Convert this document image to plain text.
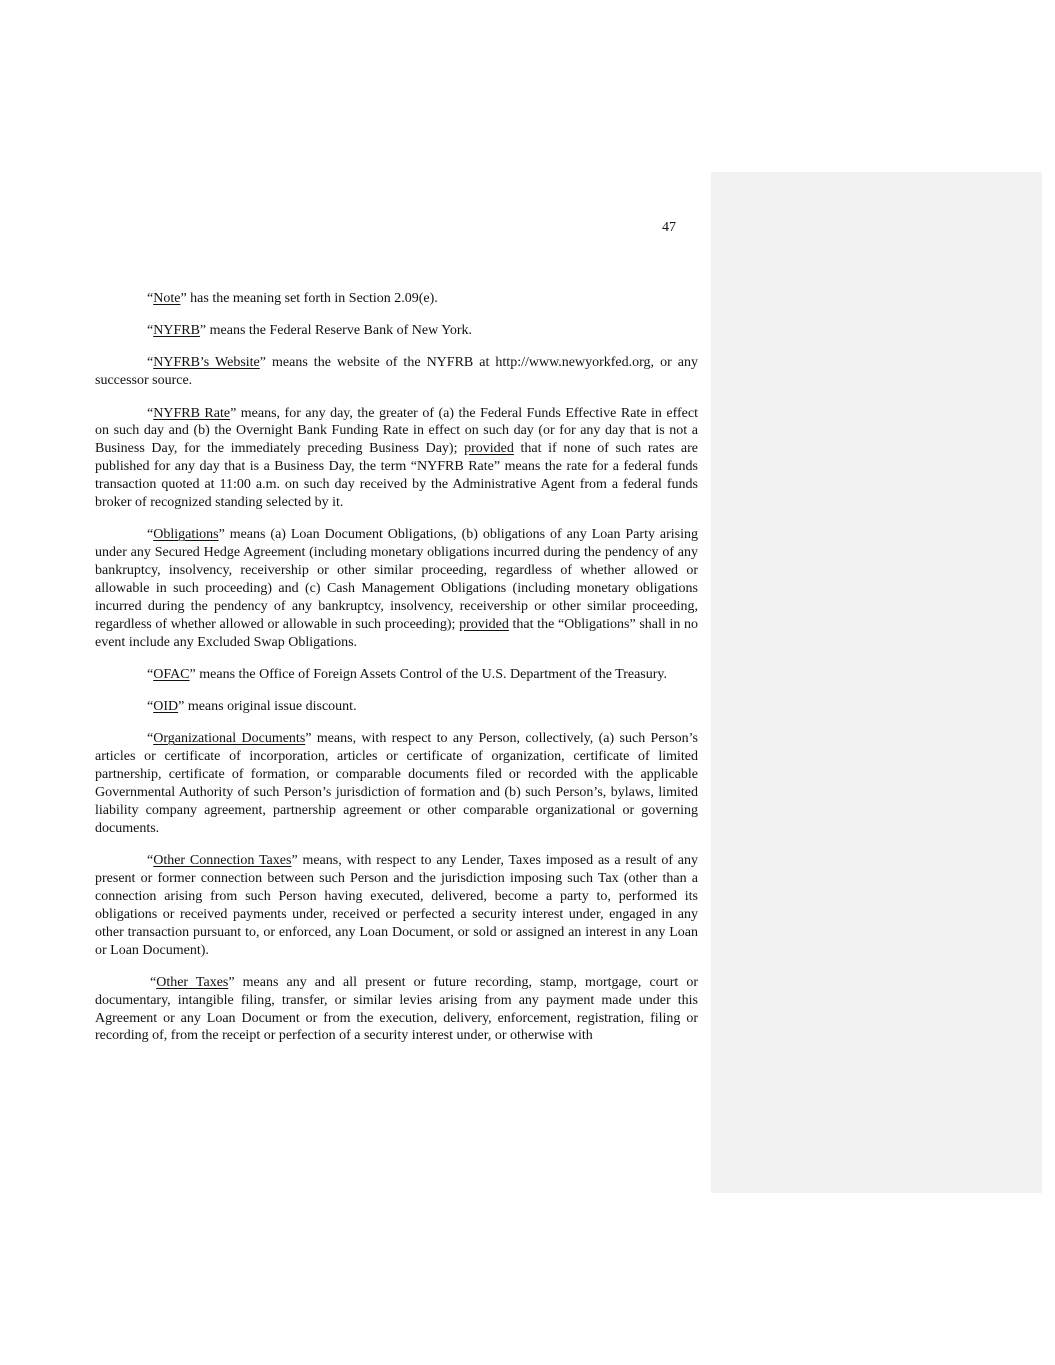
47

“Note” has the meaning set forth in Section 2.09(e).

“NYFRB” means the Federal Reserve Bank of New York.

“NYFRB’s Website” means the website of the NYFRB at http://www.newyorkfed.org, or any successor source.

“NYFRB Rate” means, for any day, the greater of (a) the Federal Funds Effective Rate in effect on such day and (b) the Overnight Bank Funding Rate in effect on such day (or for any day that is not a Business Day, for the immediately preceding Business Day); provided that if none of such rates are published for any day that is a Business Day, the term “NYFRB Rate” means the rate for a federal funds transaction quoted at 11:00 a.m. on such day received by the Administrative Agent from a federal funds broker of recognized standing selected by it.

“Obligations” means (a) Loan Document Obligations, (b) obligations of any Loan Party arising under any Secured Hedge Agreement (including monetary obligations incurred during the pendency of any bankruptcy, insolvency, receivership or other similar proceeding, regardless of whether allowed or allowable in such proceeding) and (c) Cash Management Obligations (including monetary obligations incurred during the pendency of any bankruptcy, insolvency, receivership or other similar proceeding, regardless of whether allowed or allowable in such proceeding); provided that the “Obligations” shall in no event include any Excluded Swap Obligations.

“OFAC” means the Office of Foreign Assets Control of the U.S. Department of the Treasury.

“OID” means original issue discount.

“Organizational Documents” means, with respect to any Person, collectively, (a) such Person’s articles or certificate of incorporation, articles or certificate of organization, certificate of limited partnership, certificate of formation, or comparable documents filed or recorded with the applicable Governmental Authority of such Person’s jurisdiction of formation and (b) such Person’s, bylaws, limited liability company agreement, partnership agreement or other comparable organizational or governing documents.

“Other Connection Taxes” means, with respect to any Lender, Taxes imposed as a result of any present or former connection between such Person and the jurisdiction imposing such Tax (other than a connection arising from such Person having executed, delivered, become a party to, performed its obligations or received payments under, received or perfected a security interest under, engaged in any other transaction pursuant to, or enforced, any Loan Document, or sold or assigned an interest in any Loan or Loan Document).

“Other Taxes” means any and all present or future recording, stamp, mortgage, court or documentary, intangible filing, transfer, or similar levies arising from any payment made under this Agreement or any Loan Document or from the execution, delivery, enforcement, registration, filing or recording of, from the receipt or perfection of a security interest under, or otherwise with
